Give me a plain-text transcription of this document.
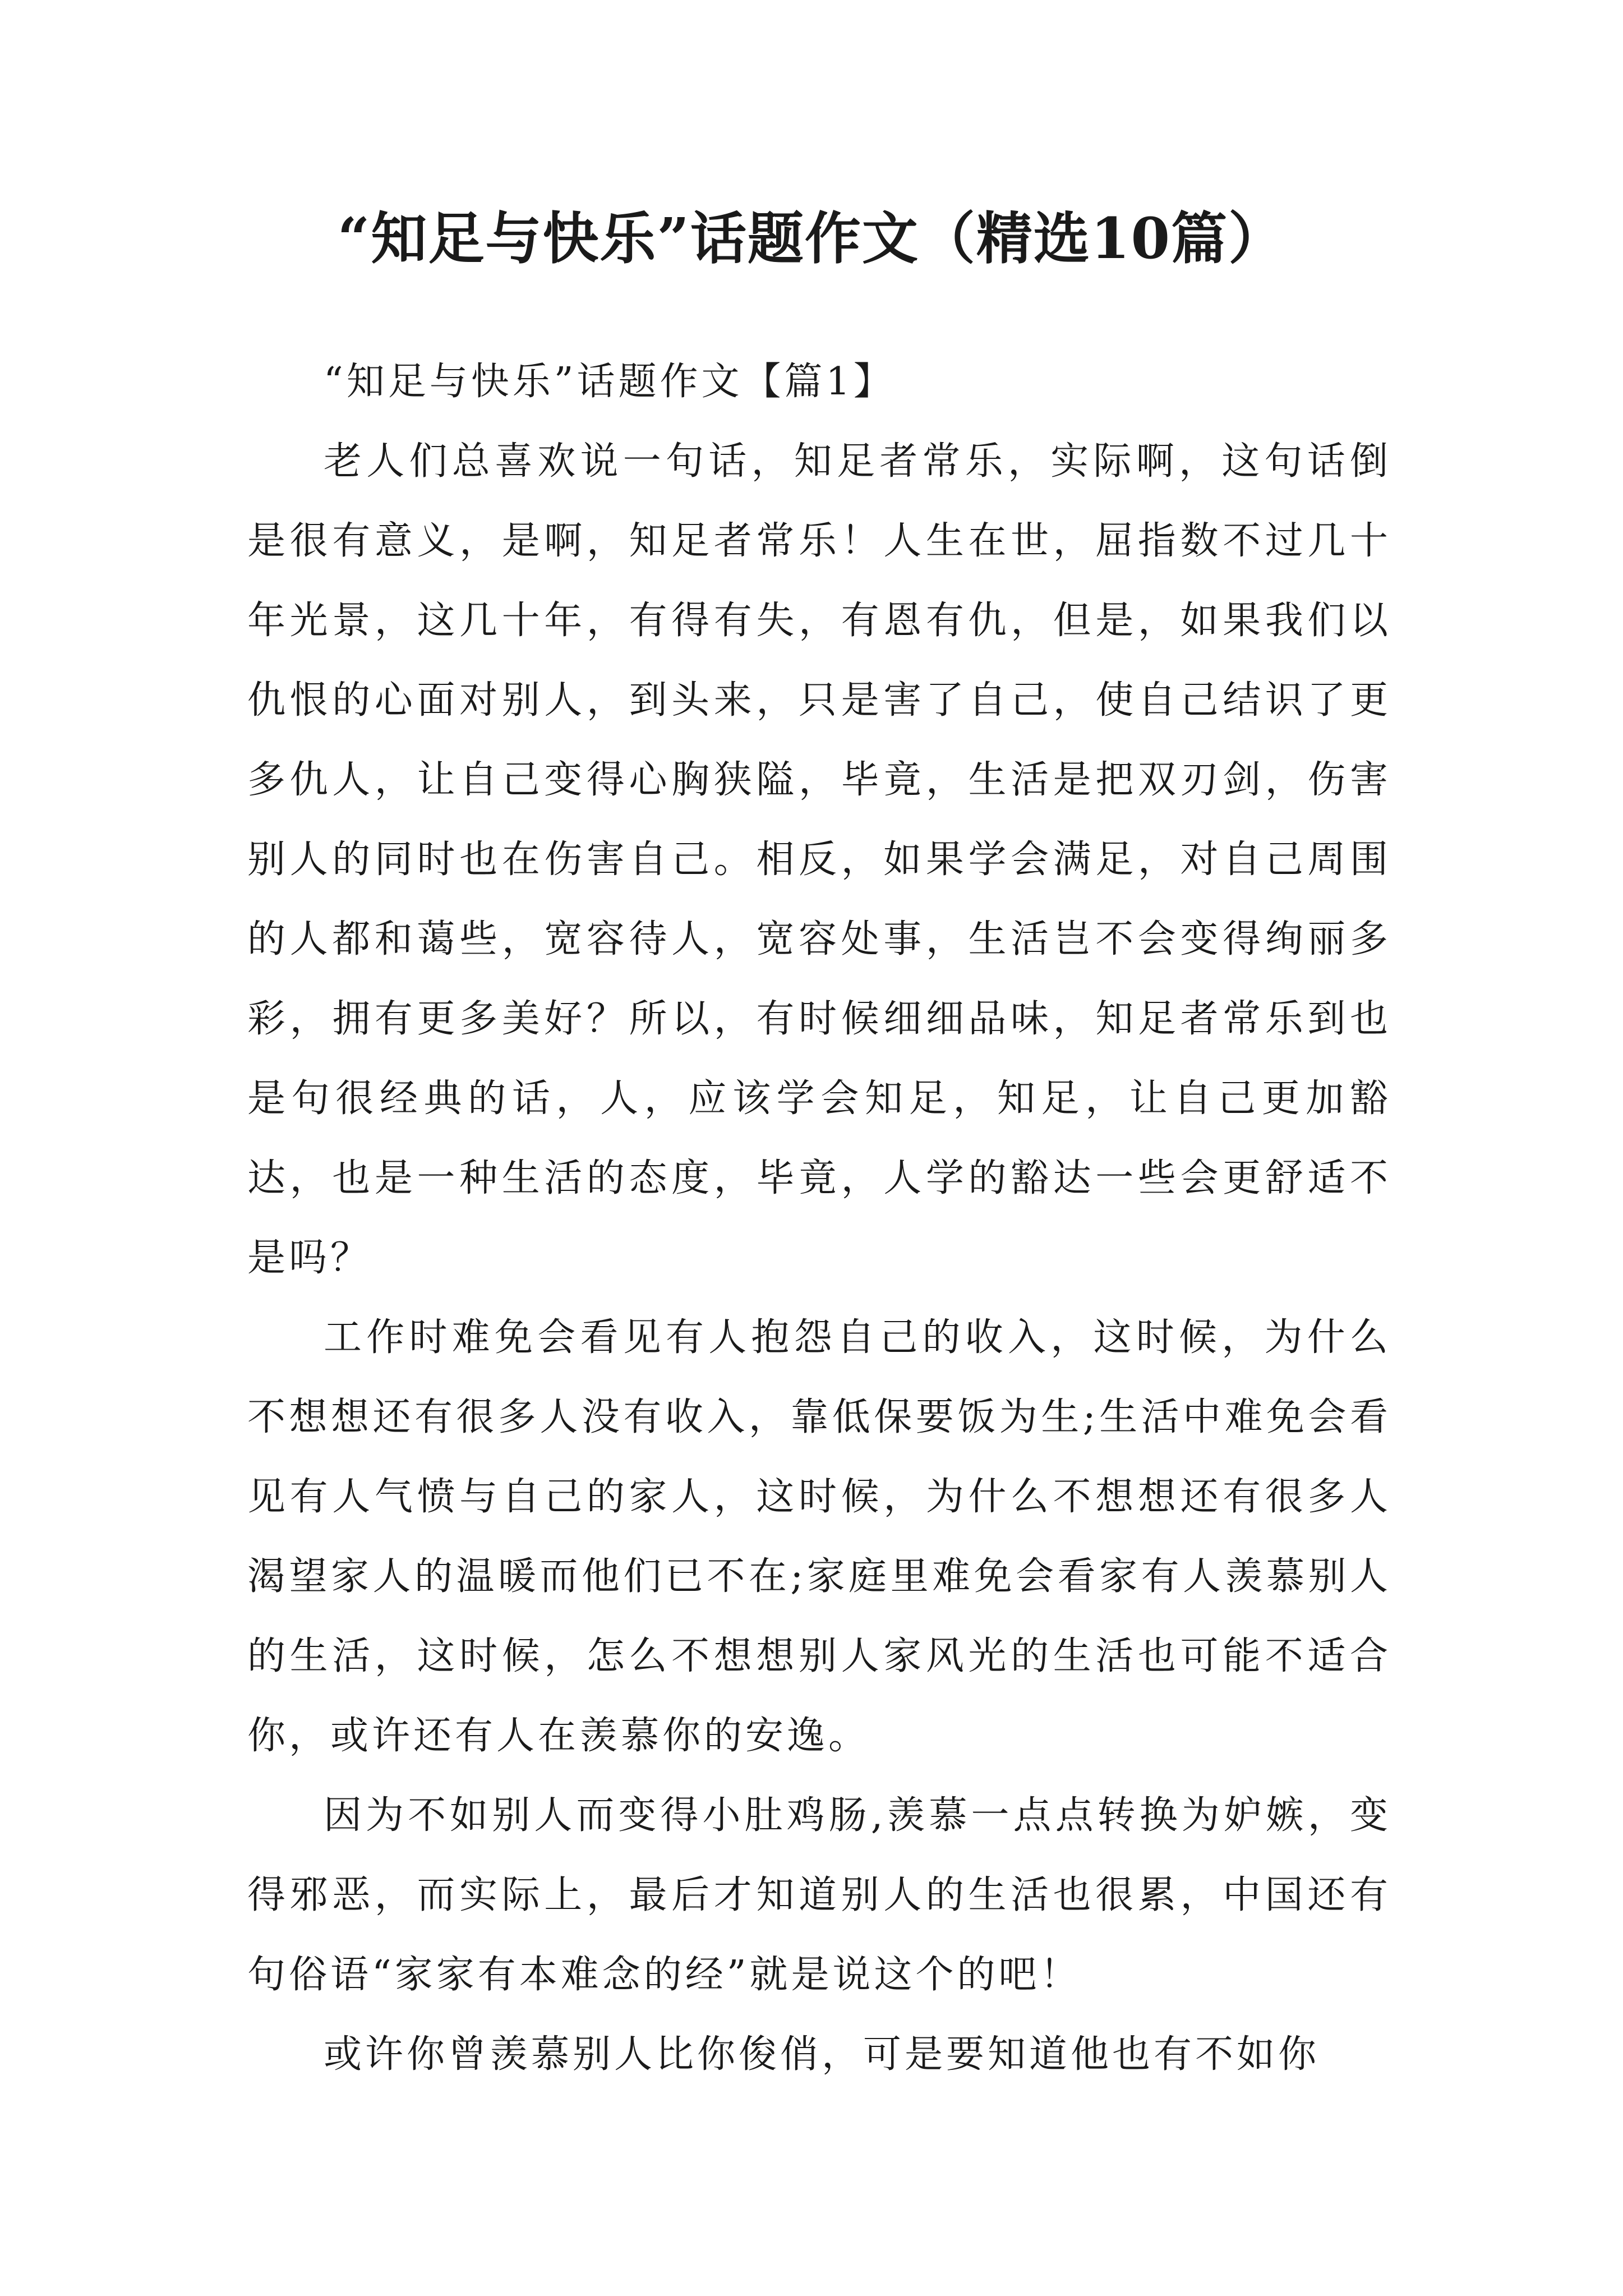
“知足与快乐”话题作文（精选10篇）

“知足与快乐”话题作文【篇1】

老人们总喜欢说一句话，知足者常乐，实际啊，这句话倒是很有意义，是啊，知足者常乐！人生在世，屈指数不过几十年光景，这几十年，有得有失，有恩有仇，但是，如果我们以仇恨的心面对别人，到头来，只是害了自己，使自己结识了更多仇人，让自己变得心胸狭隘，毕竟，生活是把双刃剑，伤害别人的同时也在伤害自己。相反，如果学会满足，对自己周围的人都和蔼些，宽容待人，宽容处事，生活岂不会变得绚丽多彩，拥有更多美好？所以，有时候细细品味，知足者常乐到也是句很经典的话，人，应该学会知足，知足，让自己更加豁达，也是一种生活的态度，毕竟，人学的豁达一些会更舒适不是吗？

工作时难免会看见有人抱怨自己的收入，这时候，为什么不想想还有很多人没有收入，靠低保要饭为生;生活中难免会看见有人气愤与自己的家人，这时候，为什么不想想还有很多人渴望家人的温暖而他们已不在;家庭里难免会看家有人羡慕别人的生活，这时候，怎么不想想别人家风光的生活也可能不适合你，或许还有人在羡慕你的安逸。

因为不如别人而变得小肚鸡肠,羡慕一点点转换为妒嫉，变得邪恶，而实际上，最后才知道别人的生活也很累，中国还有句俗语“家家有本难念的经”就是说这个的吧！

或许你曾羡慕别人比你俊俏，可是要知道他也有不如你
